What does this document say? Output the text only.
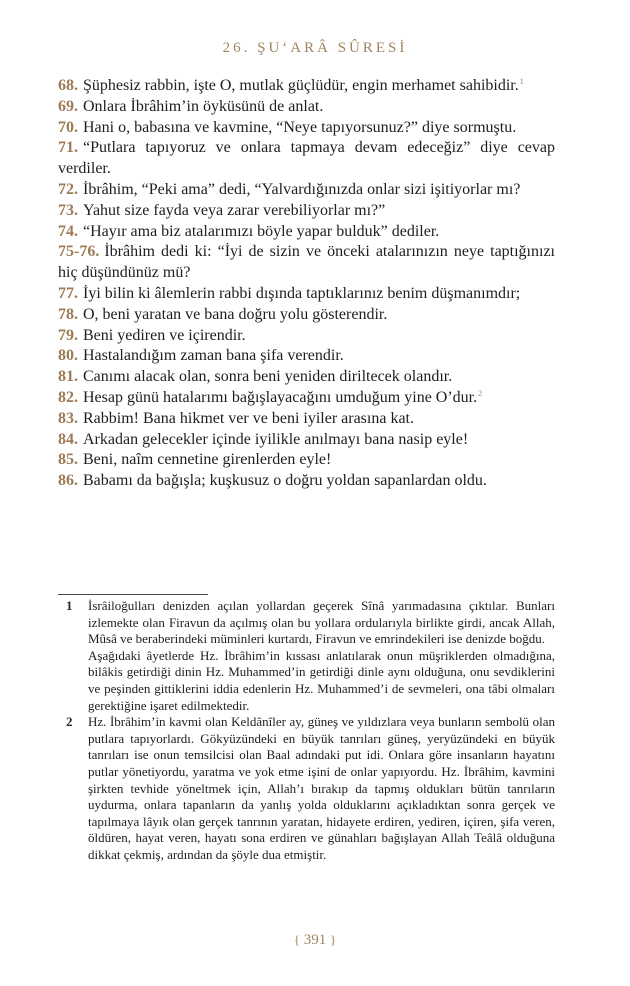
26. ŞU‘ARÂ SÛRESİ

68. Şüphesiz rabbin, işte O, mutlak güçlüdür, engin merhamet sahibidir.$^1$

69. Onlara İbrâhim’in öyküsünü de anlat.

70. Hani o, babasına ve kavmine, “Neye tapıyorsunuz?” diye sormuştu.

71. “Putlara tapıyoruz ve onlara tapmaya devam edeceğiz” diye cevap verdiler.

72. İbrâhim, “Peki ama” dedi, “Yalvardığınızda onlar sizi işitiyorlar mı?

73. Yahut size fayda veya zarar verebiliyorlar mı?”

74. “Hayır ama biz atalarımızı böyle yapar bulduk” dediler.

75-76. İbrâhim dedi ki: “İyi de sizin ve önceki atalarınızın neye taptığınızı hiç düşündünüz mü?

77. İyi bilin ki âlemlerin rabbi dışında taptıklarınız benim düşmanımdır;

78. O, beni yaratan ve bana doğru yolu gösterendir.

79. Beni yediren ve içirendir.

80. Hastalandığım zaman bana şifa verendir.

81. Canımı alacak olan, sonra beni yeniden diriltecek olandır.

82. Hesap günü hatalarımı bağışlayacağını umduğum yine O’dur.$^2$

83. Rabbim! Bana hikmet ver ve beni iyiler arasına kat.

84. Arkadan gelecekler içinde iyilikle anılmayı bana nasip eyle!

85. Beni, naîm cennetine girenlerden eyle!

86. Babamı da bağışla; kuşkusuz o doğru yoldan sapanlardan oldu.

1 İsrâiloğulları denizden açılan yollardan geçerek Sînâ yarımadasına çıktılar. Bunları izlemekte olan Firavun da açılmış olan bu yollara ordularıyla birlikte girdi, ancak Allah, Mûsâ ve beraberindeki müminleri kurtardı, Firavun ve emrindekileri ise denizde boğdu.

Aşağıdaki âyetlerde Hz. İbrâhim’in kıssası anlatılarak onun müşriklerden olmadığına, bilâkis getirdiği dinin Hz. Muhammed’in getirdiği dinle aynı olduğuna, onu sevdiklerini ve peşinden gittiklerini iddia edenlerin Hz. Muhammed’i de sevmeleri, ona tâbi olmaları gerektiğine işaret edilmektedir.

2 Hz. İbrâhim’in kavmi olan Keldânîler ay, güneş ve yıldızlara veya bunların sembolü olan putlara tapıyorlardı. Gökyüzündeki en büyük tanrıları güneş, yeryüzündeki en büyük tanrıları ise onun temsilcisi olan Baal adındaki put idi. Onlara göre insanların hayatını putlar yönetiyordu, yaratma ve yok etme işini de onlar yapıyordu. Hz. İbrâhim, kavmini şirkten tevhide yöneltmek için, Allah’ı bırakıp da tapmış oldukları bütün tanrıların uydurma, onlara tapanların da yanlış yolda olduklarını açıkladıktan sonra gerçek ve tapılmaya lâyık olan gerçek tanrının yaratan, hidayete erdiren, yediren, içiren, şifa veren, öldüren, hayat veren, hayatı sona erdiren ve günahları bağışlayan Allah Teâlâ olduğuna dikkat çekmiş, ardından da şöyle dua etmiştir.

{ 391 }
